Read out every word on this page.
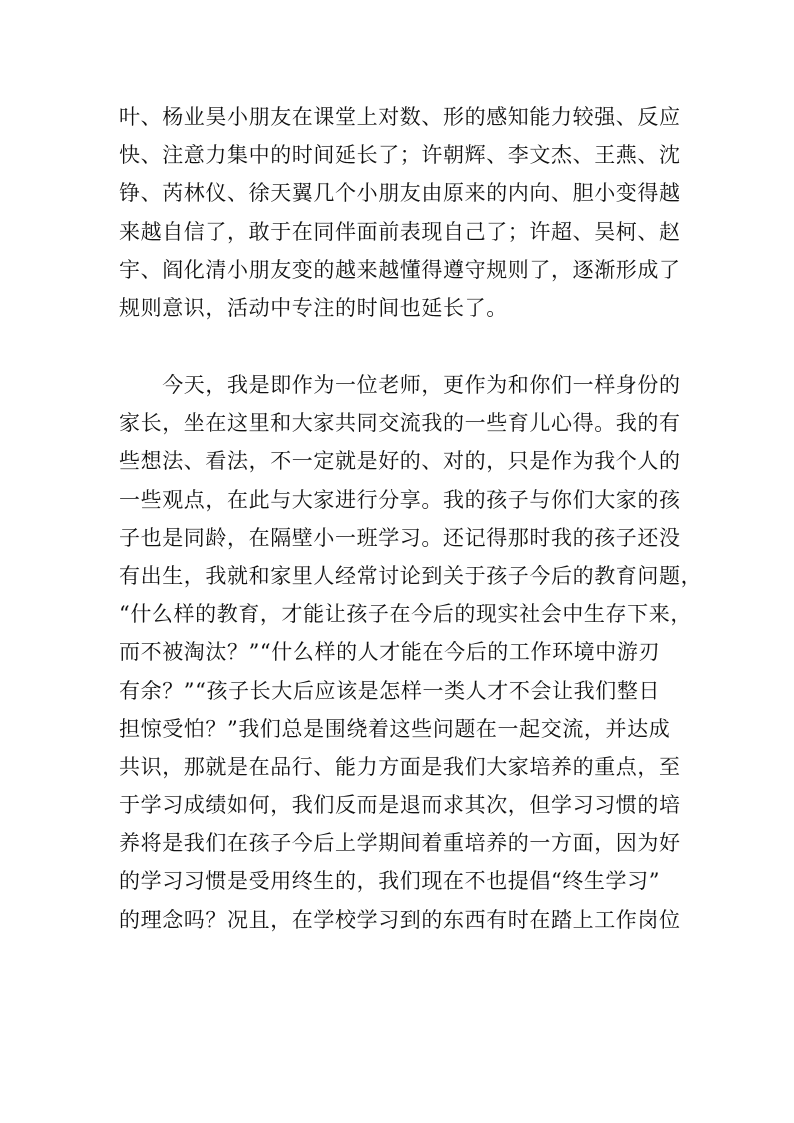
叶、杨业昊小朋友在课堂上对数、形的感知能力较强、反应
快、注意力集中的时间延长了；许朝辉、李文杰、王燕、沈
铮、芮林仪、徐天翼几个小朋友由原来的内向、胆小变得越
来越自信了，敢于在同伴面前表现自己了；许超、吴柯、赵
宇、阎化清小朋友变的越来越懂得遵守规则了，逐渐形成了
规则意识，活动中专注的时间也延长了。
　　今天，我是即作为一位老师，更作为和你们一样身份的
家长，坐在这里和大家共同交流我的一些育儿心得。我的有
些想法、看法，不一定就是好的、对的，只是作为我个人的
一些观点，在此与大家进行分享。我的孩子与你们大家的孩
子也是同龄，在隔壁小一班学习。还记得那时我的孩子还没
有出生，我就和家里人经常讨论到关于孩子今后的教育问题，
“什么样的教育，才能让孩子在今后的现实社会中生存下来，
而不被淘汰？”“什么样的人才能在今后的工作环境中游刃
有余？”“孩子长大后应该是怎样一类人才不会让我们整日
担惊受怕？”我们总是围绕着这些问题在一起交流，并达成
共识，那就是在品行、能力方面是我们大家培养的重点，至
于学习成绩如何，我们反而是退而求其次，但学习习惯的培
养将是我们在孩子今后上学期间着重培养的一方面，因为好
的学习习惯是受用终生的，我们现在不也提倡“终生学习”
的理念吗？况且，在学校学习到的东西有时在踏上工作岗位
